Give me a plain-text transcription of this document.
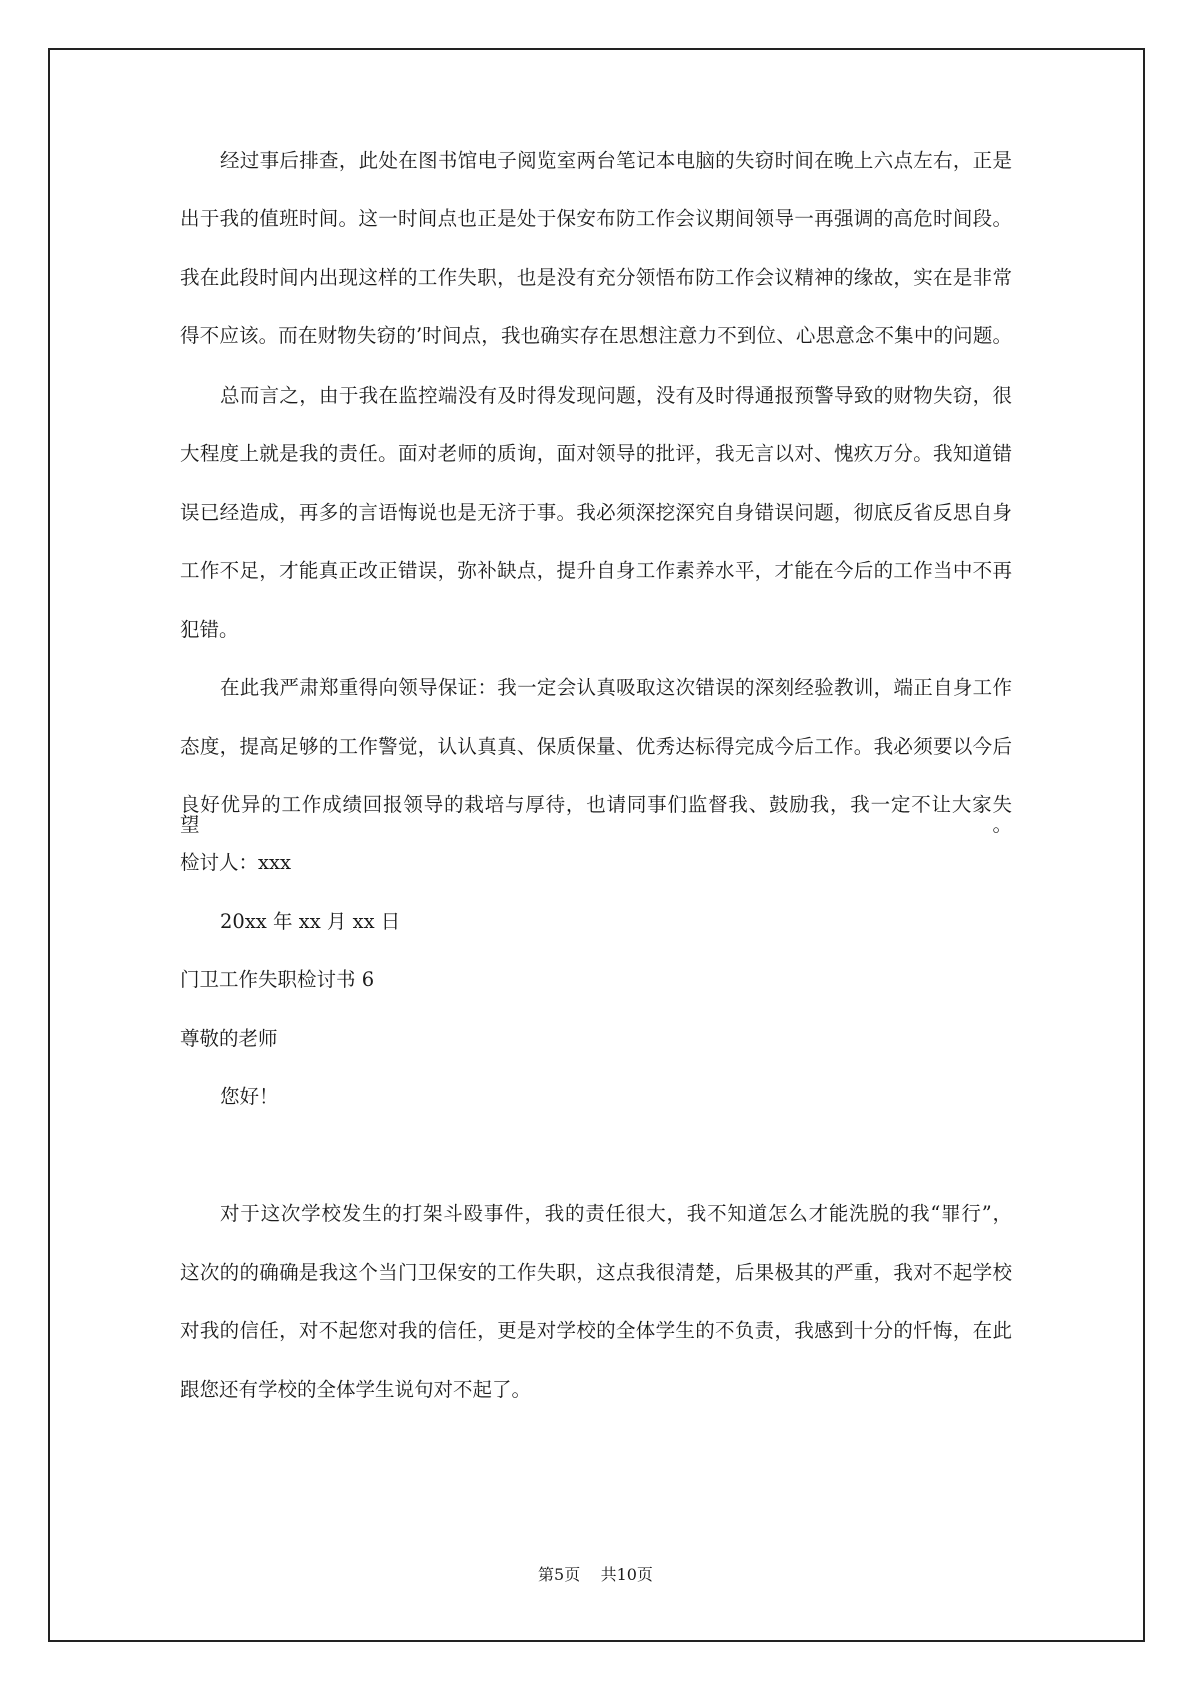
经过事后排查，此处在图书馆电子阅览室两台笔记本电脑的失窃时间在晚上六点左右，正是
出于我的值班时间。这一时间点也正是处于保安布防工作会议期间领导一再强调的高危时间段。
我在此段时间内出现这样的工作失职，也是没有充分领悟布防工作会议精神的缘故，实在是非常
得不应该。而在财物失窃的’时间点，我也确实存在思想注意力不到位、心思意念不集中的问题。
总而言之，由于我在监控端没有及时得发现问题，没有及时得通报预警导致的财物失窃，很
大程度上就是我的责任。面对老师的质询，面对领导的批评，我无言以对、愧疚万分。我知道错
误已经造成，再多的言语悔说也是无济于事。我必须深挖深究自身错误问题，彻底反省反思自身
工作不足，才能真正改正错误，弥补缺点，提升自身工作素养水平，才能在今后的工作当中不再
犯错。
在此我严肃郑重得向领导保证：我一定会认真吸取这次错误的深刻经验教训，端正自身工作
态度，提高足够的工作警觉，认认真真、保质保量、优秀达标得完成今后工作。我必须要以今后
良好优异的工作成绩回报领导的栽培与厚待，也请同事们监督我、鼓励我，我一定不让大家失望。
检讨人：xxx
20xx 年 xx 月 xx 日
门卫工作失职检讨书 6
尊敬的老师
您好！
对于这次学校发生的打架斗殴事件，我的责任很大，我不知道怎么才能洗脱的我“罪行”，
这次的的确确是我这个当门卫保安的工作失职，这点我很清楚，后果极其的严重，我对不起学校
对我的信任，对不起您对我的信任，更是对学校的全体学生的不负责，我感到十分的忏悔，在此
跟您还有学校的全体学生说句对不起了。
第5页    共10页
